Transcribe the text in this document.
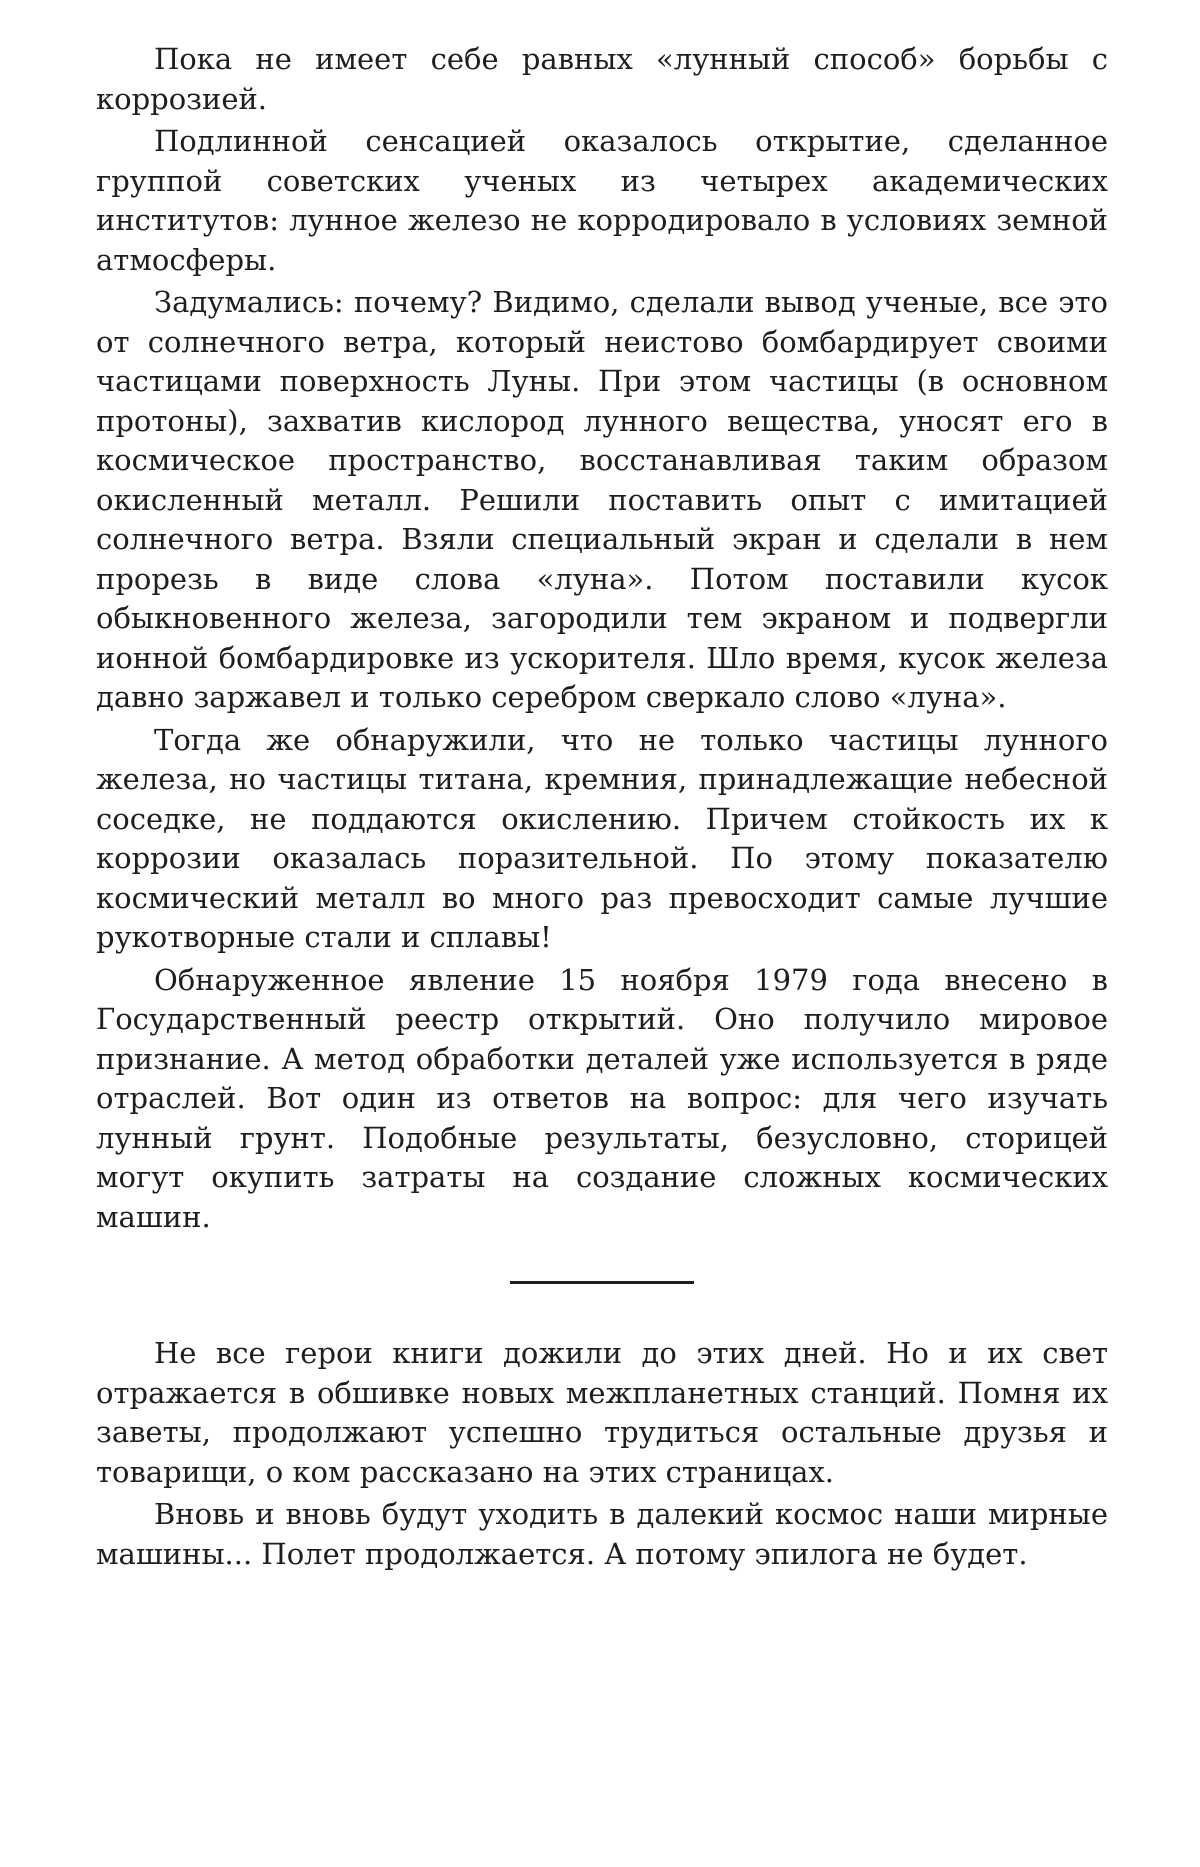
Пока не имеет себе равных «лунный способ» борьбы с коррозией.

Подлинной сенсацией оказалось открытие, сделанное группой советских ученых из четырех академических институтов: лунное железо не корродировало в условиях земной атмосферы.

Задумались: почему? Видимо, сделали вывод ученые, все это от солнечного ветра, который неистово бомбардирует своими частицами поверхность Луны. При этом частицы (в основном протоны), захватив кислород лунного вещества, уносят его в космическое пространство, восстанавливая таким образом окисленный металл. Решили поставить опыт с имитацией солнечного ветра. Взяли специальный экран и сделали в нем прорезь в виде слова «луна». Потом поставили кусок обыкновенного железа, загородили тем экраном и подвергли ионной бомбардировке из ускорителя. Шло время, кусок железа давно заржавел и только серебром сверкало слово «луна».

Тогда же обнаружили, что не только частицы лунного железа, но частицы титана, кремния, принадлежащие небесной соседке, не поддаются окислению. Причем стойкость их к коррозии оказалась поразительной. По этому показателю космический металл во много раз превосходит самые лучшие рукотворные стали и сплавы!

Обнаруженное явление 15 ноября 1979 года внесено в Государственный реестр открытий. Оно получило мировое признание. А метод обработки деталей уже используется в ряде отраслей. Вот один из ответов на вопрос: для чего изучать лунный грунт. Подобные результаты, безусловно, сторицей могут окупить затраты на создание сложных космических машин.

Не все герои книги дожили до этих дней. Но и их свет отражается в обшивке новых межпланетных станций. Помня их заветы, продолжают успешно трудиться остальные друзья и товарищи, о ком рассказано на этих страницах.

Вновь и вновь будут уходить в далекий космос наши мирные машины... Полет продолжается. А потому эпилога не будет.
